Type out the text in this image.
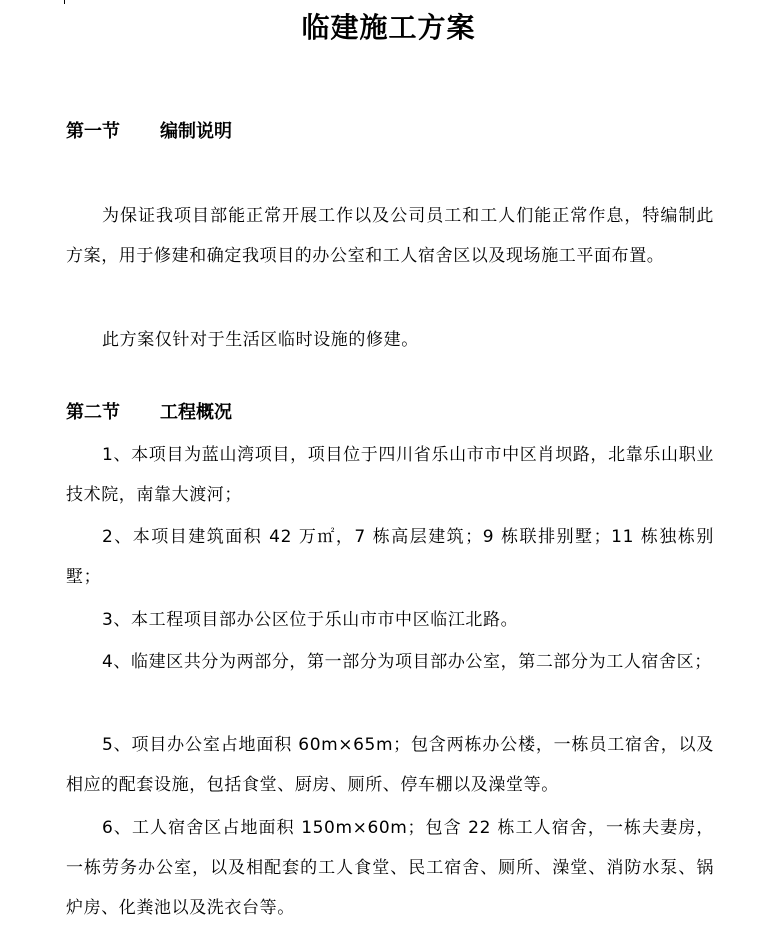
临建施工方案
第一节 编制说明

为保证我项目部能正常开展工作以及公司员工和工人们能正常作息，特编制此方案，用于修建和确定我项目的办公室和工人宿舍区以及现场施工平面布置。

此方案仅针对于生活区临时设施的修建。

第二节 工程概况

1、本项目为蓝山湾项目，项目位于四川省乐山市市中区肖坝路，北靠乐山职业技术院，南靠大渡河；

2、本项目建筑面积 42 万㎡，7 栋高层建筑；9 栋联排别墅；11 栋独栋别墅；

3、本工程项目部办公区位于乐山市市中区临江北路。

4、临建区共分为两部分，第一部分为项目部办公室，第二部分为工人宿舍区；

5、项目办公室占地面积 60m×65m；包含两栋办公楼，一栋员工宿舍，以及相应的配套设施，包括食堂、厨房、厕所、停车棚以及澡堂等。

6、工人宿舍区占地面积 150m×60m；包含 22 栋工人宿舍，一栋夫妻房，一栋劳务办公室，以及相配套的工人食堂、民工宿舍、厕所、澡堂、消防水泵、锅炉房、化粪池以及洗衣台等。
